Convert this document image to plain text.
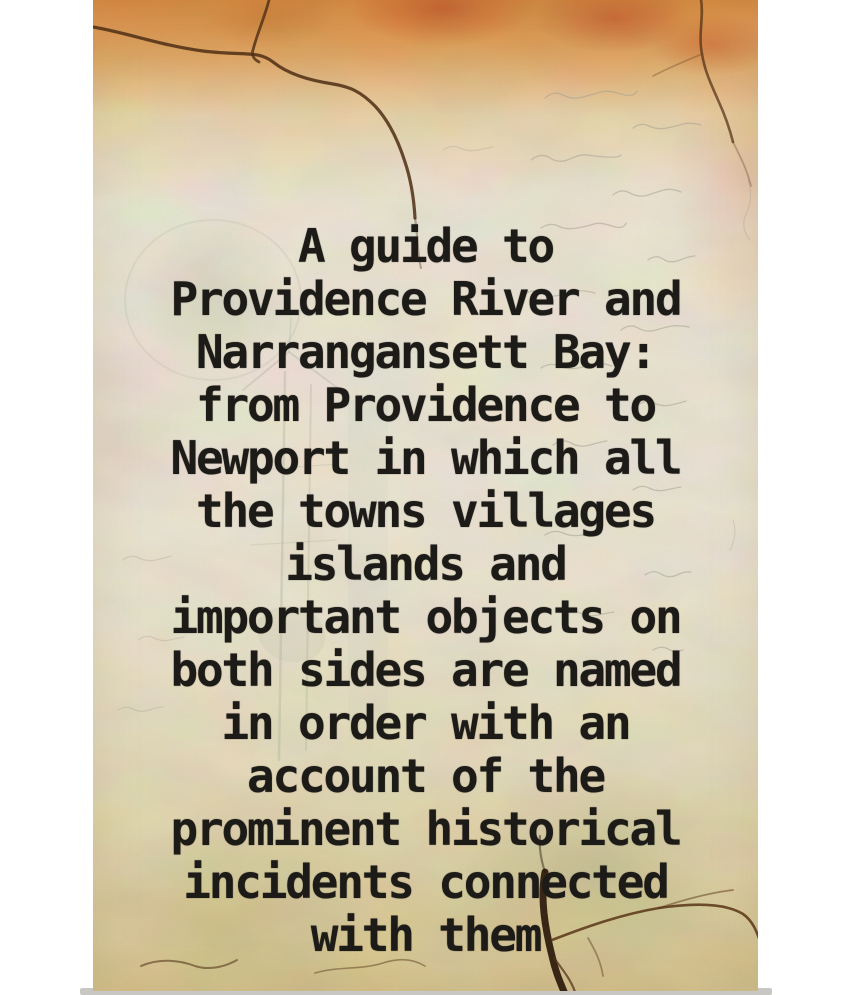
A guide to
Providence River and
Narrangansett Bay:
from Providence to
Newport in which all
the towns villages
islands and
important objects on
both sides are named
in order with an
account of the
prominent historical
incidents connected
with them
